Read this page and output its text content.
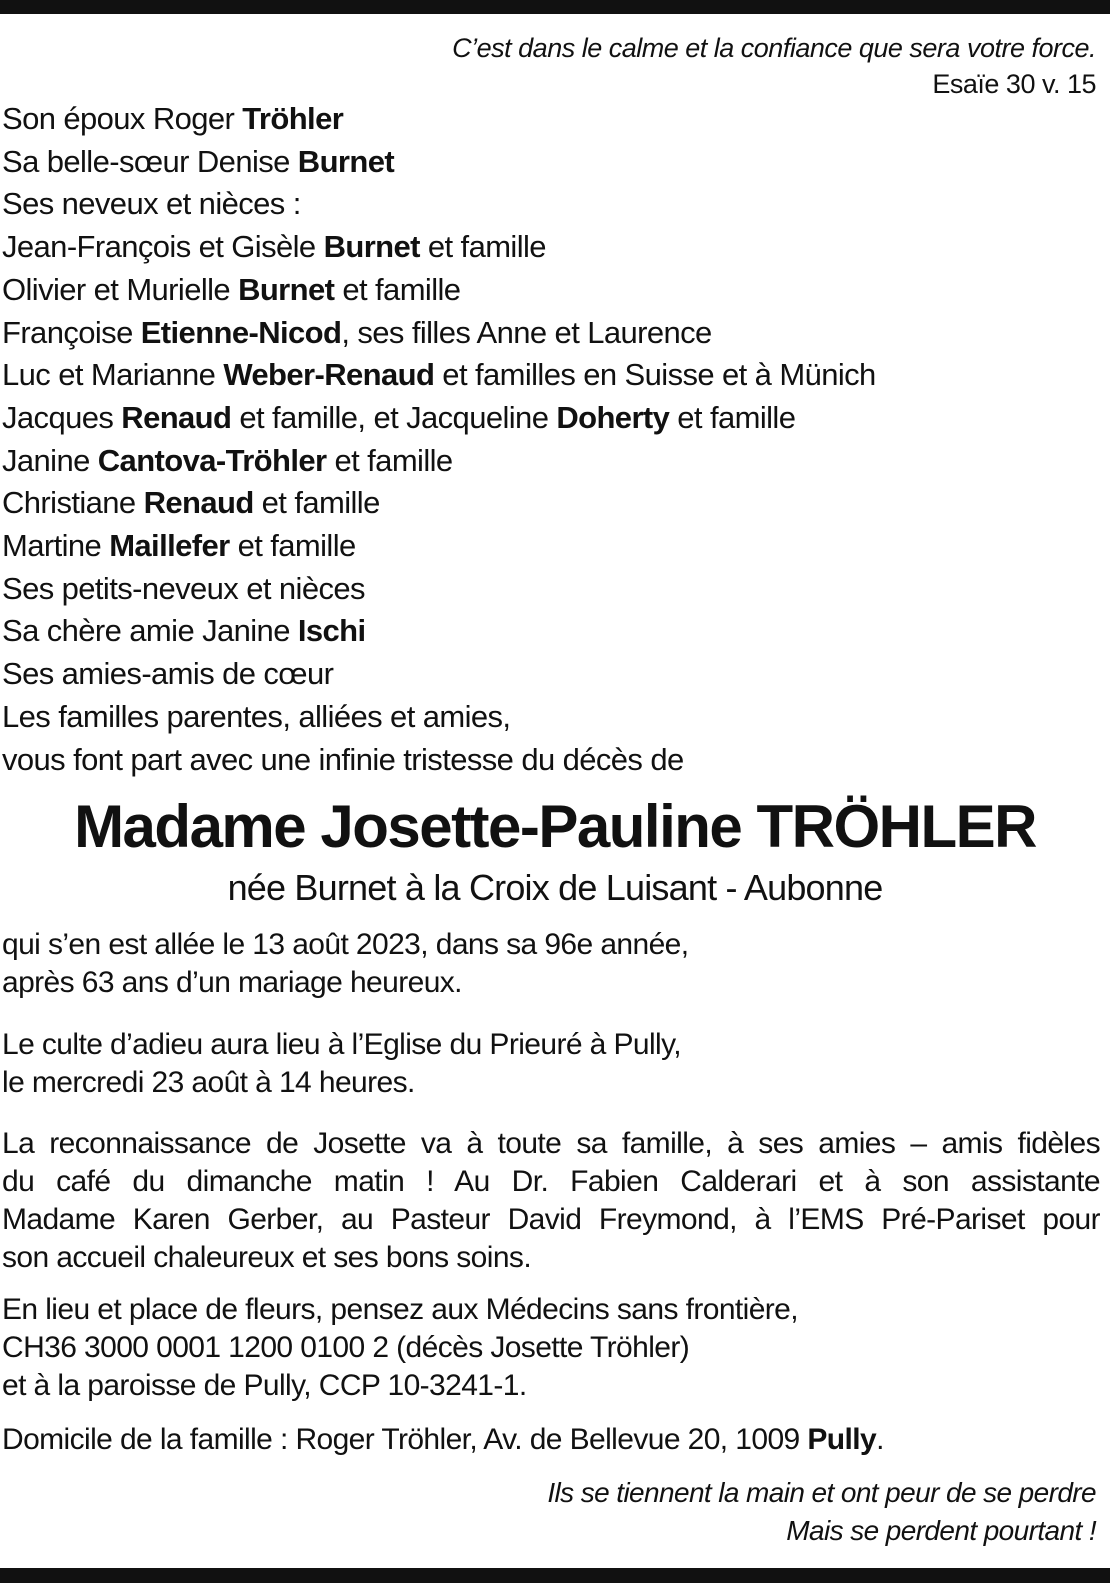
C’est dans le calme et la confiance que sera votre force.
Esaïe 30 v. 15
Son époux Roger Tröhler
Sa belle-sœur Denise Burnet
Ses neveux et nièces :
Jean-François et Gisèle Burnet et famille
Olivier et Murielle Burnet et famille
Françoise Etienne-Nicod, ses filles Anne et Laurence
Luc et Marianne Weber-Renaud et familles en Suisse et à Münich
Jacques Renaud et famille, et Jacqueline Doherty et famille
Janine Cantova-Tröhler et famille
Christiane Renaud et famille
Martine Maillefer et famille
Ses petits-neveux et nièces
Sa chère amie Janine Ischi
Ses amies-amis de cœur
Les familles parentes, alliées et amies,
vous font part avec une infinie tristesse du décès de
Madame Josette-Pauline TRÖHLER
née Burnet à la Croix de Luisant - Aubonne
qui s’en est allée le 13 août 2023, dans sa 96e année,
après 63 ans d’un mariage heureux.
Le culte d’adieu aura lieu à l’Eglise du Prieuré à Pully,
le mercredi 23 août à 14 heures.
La reconnaissance de Josette va à toute sa famille, à ses amies – amis fidèles
du café du dimanche matin ! Au Dr. Fabien Calderari et à son assistante
Madame Karen Gerber, au Pasteur David Freymond, à l’EMS Pré-Pariset pour
son accueil chaleureux et ses bons soins.
En lieu et place de fleurs, pensez aux Médecins sans frontière,
CH36 3000 0001 1200 0100 2 (décès Josette Tröhler)
et à la paroisse de Pully, CCP 10-3241-1.
Domicile de la famille : Roger Tröhler, Av. de Bellevue 20, 1009 Pully.
Ils se tiennent la main et ont peur de se perdre
Mais se perdent pourtant !
